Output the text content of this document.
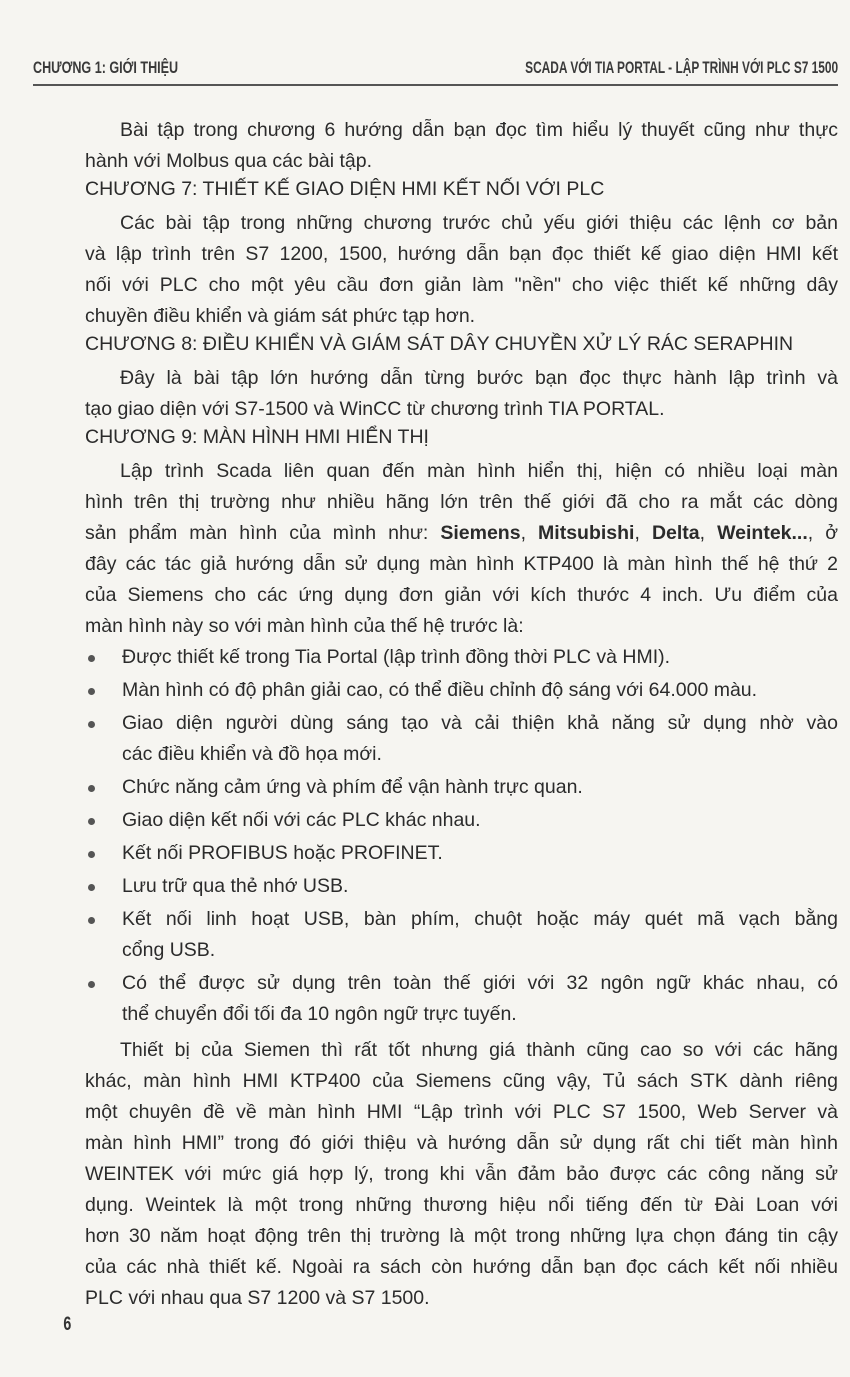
CHƯƠNG 1: GIỚI THIỆU	SCADA VỚI TIA PORTAL - LẬP TRÌNH VỚI PLC S7 1500
Bài tập trong chương 6 hướng dẫn bạn đọc tìm hiểu lý thuyết cũng như thực
hành với Molbus qua các bài tập.
CHƯƠNG 7: THIẾT KẾ GIAO DIỆN HMI KẾT NỐI VỚI PLC
Các bài tập trong những chương trước chủ yếu giới thiệu các lệnh cơ bản
và lập trình trên S7 1200, 1500, hướng dẫn bạn đọc thiết kế giao diện HMI kết
nối với PLC cho một yêu cầu đơn giản làm "nền" cho việc thiết kế những dây
chuyền điều khiển và giám sát phức tạp hơn.
CHƯƠNG 8: ĐIỀU KHIỂN VÀ GIÁM SÁT DÂY CHUYỀN XỬ LÝ RÁC SERAPHIN
Đây là bài tập lớn hướng dẫn từng bước bạn đọc thực hành lập trình và
tạo giao diện với S7-1500 và WinCC từ chương trình TIA PORTAL.
CHƯƠNG 9: MÀN HÌNH HMI HIỂN THỊ
Lập trình Scada liên quan đến màn hình hiển thị, hiện có nhiều loại màn
hình trên thị trường như nhiều hãng lớn trên thế giới đã cho ra mắt các dòng
sản phẩm màn hình của mình như: Siemens, Mitsubishi, Delta, Weintek..., ở
đây các tác giả hướng dẫn sử dụng màn hình KTP400 là màn hình thế hệ thứ 2
của Siemens cho các ứng dụng đơn giản với kích thước 4 inch. Ưu điểm của
màn hình này so với màn hình của thế hệ trước là:
Được thiết kế trong Tia Portal (lập trình đồng thời PLC và HMI).
Màn hình có độ phân giải cao, có thể điều chỉnh độ sáng với 64.000 màu.
Giao diện người dùng sáng tạo và cải thiện khả năng sử dụng nhờ vào
các điều khiển và đồ họa mới.
Chức năng cảm ứng và phím để vận hành trực quan.
Giao diện kết nối với các PLC khác nhau.
Kết nối PROFIBUS hoặc PROFINET.
Lưu trữ qua thẻ nhớ USB.
Kết nối linh hoạt USB, bàn phím, chuột hoặc máy quét mã vạch bằng
cổng USB.
Có thể được sử dụng trên toàn thế giới với 32 ngôn ngữ khác nhau, có
thể chuyển đổi tối đa 10 ngôn ngữ trực tuyến.
Thiết bị của Siemen thì rất tốt nhưng giá thành cũng cao so với các hãng
khác, màn hình HMI KTP400 của Siemens cũng vậy, Tủ sách STK dành riêng
một chuyên đề về màn hình HMI “Lập trình với PLC S7 1500, Web Server và
màn hình HMI” trong đó giới thiệu và hướng dẫn sử dụng rất chi tiết màn hình
WEINTEK với mức giá hợp lý, trong khi vẫn đảm bảo được các công năng sử
dụng. Weintek là một trong những thương hiệu nổi tiếng đến từ Đài Loan với
hơn 30 năm hoạt động trên thị trường là một trong những lựa chọn đáng tin cậy
của các nhà thiết kế. Ngoài ra sách còn hướng dẫn bạn đọc cách kết nối nhiều
PLC với nhau qua S7 1200 và S7 1500.
6
